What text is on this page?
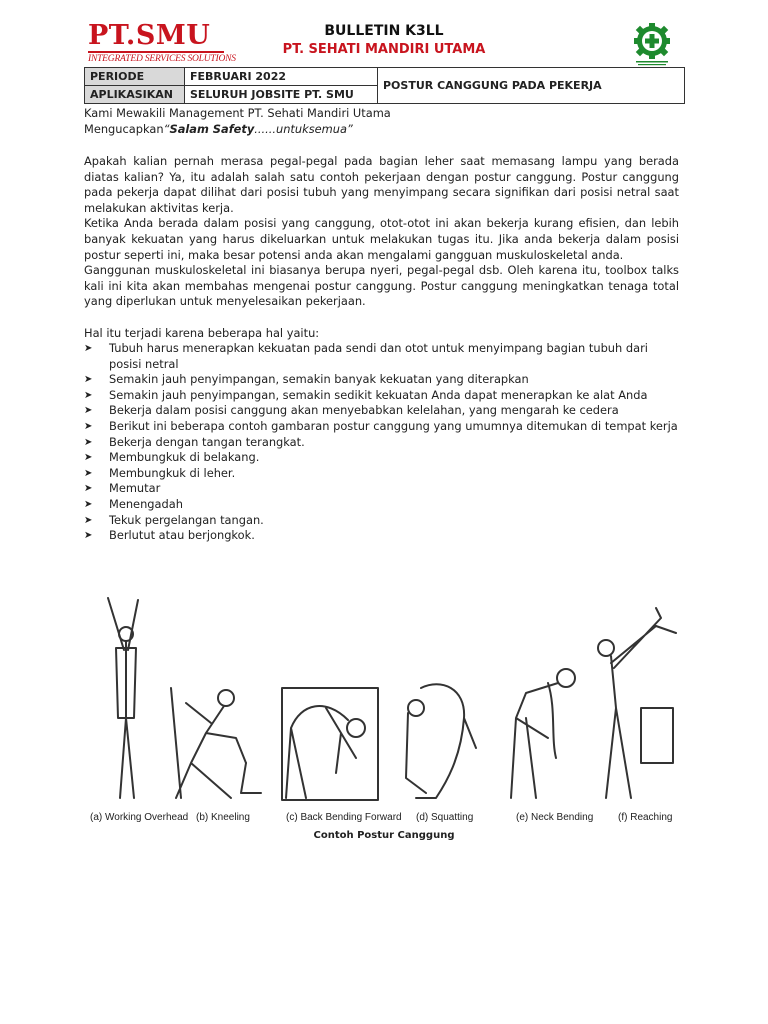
PT.SMU
INTEGRATED SERVICES SOLUTIONS
BULLETIN K3LL
PT. SEHATI MANDIRI UTAMA
PERIODE	FEBRUARI 2022	POSTUR CANGGUNG PADA PEKERJA
APLIKASIKAN	SELURUH JOBSITE PT. SMU	
Kami Mewakili Management PT. Sehati Mandiri Utama
Mengucapkan“Salam Safety......untuksemua”

Apakah kalian pernah merasa pegal-pegal pada bagian leher saat memasang lampu yang berada diatas kalian? Ya, itu adalah salah satu contoh pekerjaan dengan postur canggung. Postur canggung pada pekerja dapat dilihat dari posisi tubuh yang menyimpang secara signifikan dari posisi netral saat melakukan aktivitas kerja.

Ketika Anda berada dalam posisi yang canggung, otot-otot ini akan bekerja kurang efisien, dan lebih banyak kekuatan yang harus dikeluarkan untuk melakukan tugas itu. Jika anda bekerja dalam posisi postur seperti ini, maka besar potensi anda akan mengalami gangguan muskuloskeletal anda.

Ganggunan muskuloskeletal ini biasanya berupa nyeri, pegal-pegal dsb. Oleh karena itu, toolbox talks kali ini kita akan membahas mengenai postur canggung. Postur canggung meningkatkan tenaga total yang diperlukan untuk menyelesaikan pekerjaan.

Hal itu terjadi karena beberapa hal yaitu:
➤ Tubuh harus menerapkan kekuatan pada sendi dan otot untuk menyimpang bagian tubuh dari posisi netral
➤ Semakin jauh penyimpangan, semakin banyak kekuatan yang diterapkan
➤ Semakin jauh penyimpangan, semakin sedikit kekuatan Anda dapat menerapkan ke alat Anda
➤ Bekerja dalam posisi canggung akan menyebabkan kelelahan, yang mengarah ke cedera
➤ Berikut ini beberapa contoh gambaran postur canggung yang umumnya ditemukan di tempat kerja
➤ Bekerja dengan tangan terangkat.
➤ Membungkuk di belakang.
➤ Membungkuk di leher.
➤ Memutar
➤ Menengadah
➤ Tekuk pergelangan tangan.
➤ Berlutut atau berjongkok.
(a) Working Overhead (b) Kneeling	(c) Back Bending Forward (d) Squatting	(e) Neck Bending (f) Reaching
Contoh Postur Canggung
